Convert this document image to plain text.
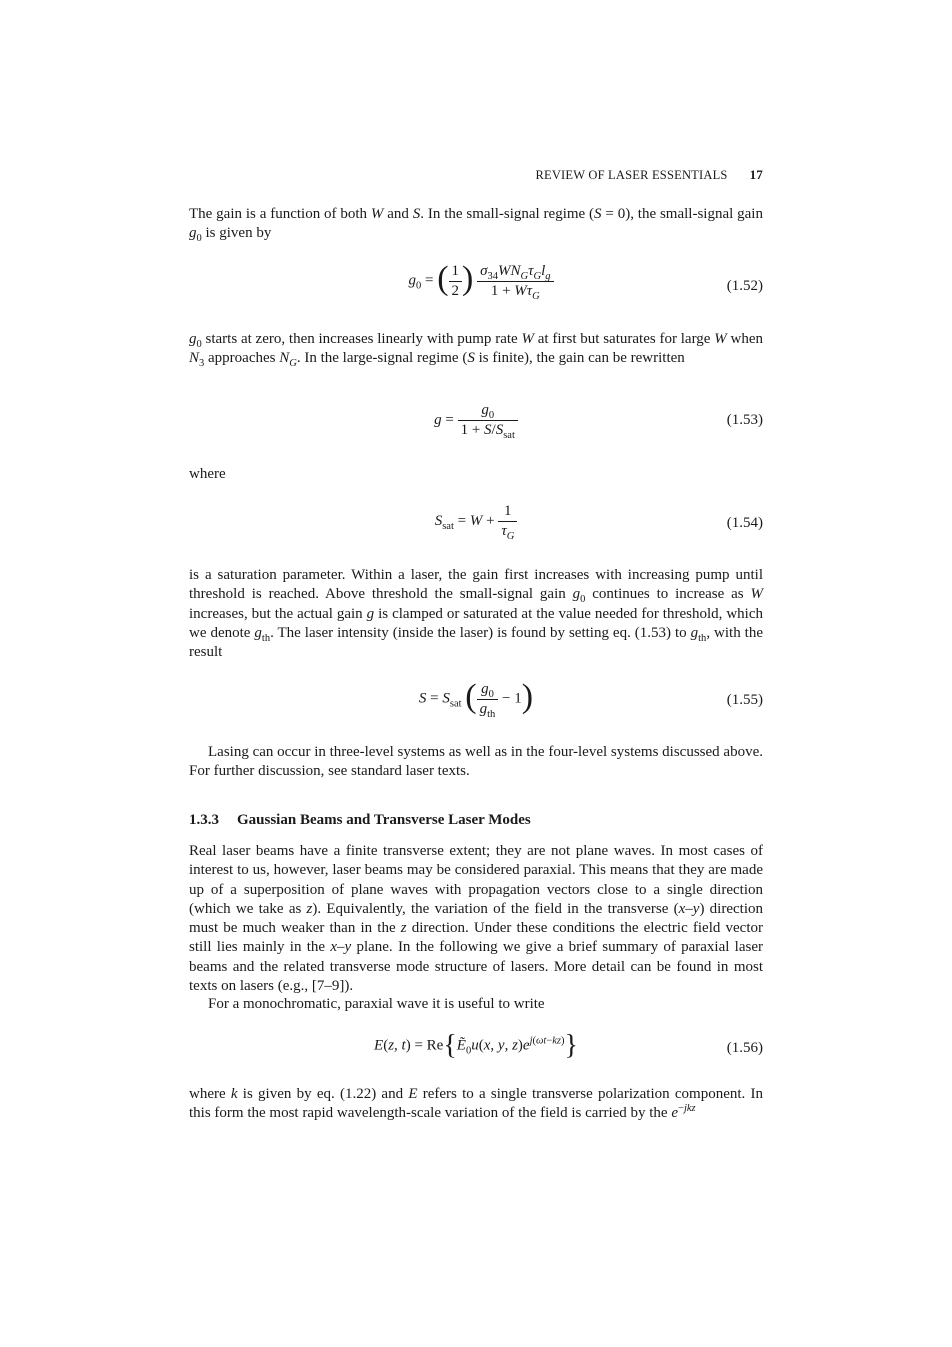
REVIEW OF LASER ESSENTIALS 17

The gain is a function of both W and S. In the small-signal regime (S = 0), the small-signal gain $g_0$ is given by

$g_0$ = ( $\frac{1}{2}$ ) $\frac{\sigma_{34}WN_G\tau_Gl_g}{1 + W\tau_G}$	(1.52)

$g_0$ starts at zero, then increases linearly with pump rate W at first but saturates for large W when $N_3$ approaches $N_G$. In the large-signal regime (S is finite), the gain can be rewritten

$g = \frac{g_0}{1 + S/S_{sat}}$	(1.53)

where

$S_{sat} = W + \frac{1}{\tau_G}$	(1.54)

is a saturation parameter. Within a laser, the gain first increases with increasing pump until threshold is reached. Above threshold the small-signal gain $g_0$ continues to increase as W increases, but the actual gain g is clamped or saturated at the value needed for threshold, which we denote $g_{th}$. The laser intensity (inside the laser) is found by setting eq. (1.53) to $g_{th}$, with the result

$S = S_{sat}$ ( $\frac{g_0}{g_{th}} - 1$)	(1.55)

Lasing can occur in three-level systems as well as in the four-level systems discussed above. For further discussion, see standard laser texts.

1.3.3 Gaussian Beams and Transverse Laser Modes

Real laser beams have a finite transverse extent; they are not plane waves. In most cases of interest to us, however, laser beams may be considered paraxial. This means that they are made up of a superposition of plane waves with propagation vectors close to a single direction (which we take as z). Equivalently, the variation of the field in the transverse (x–y) direction must be much weaker than in the z direction. Under these conditions the electric field vector still lies mainly in the x–y plane. In the following we give a brief summary of paraxial laser beams and the related transverse mode structure of lasers. More detail can be found in most texts on lasers (e.g., [7–9]).

For a monochromatic, paraxial wave it is useful to write

E(z, t) = Re{Ẽ$_0$u(x, y, $z)e^{j(\omega t-kz)}$}	(1.56)

where k is given by eq. (1.22) and E refers to a single transverse polarization component. In this form the most rapid wavelength-scale variation of the field is carried by the $e^{-jkz}$
